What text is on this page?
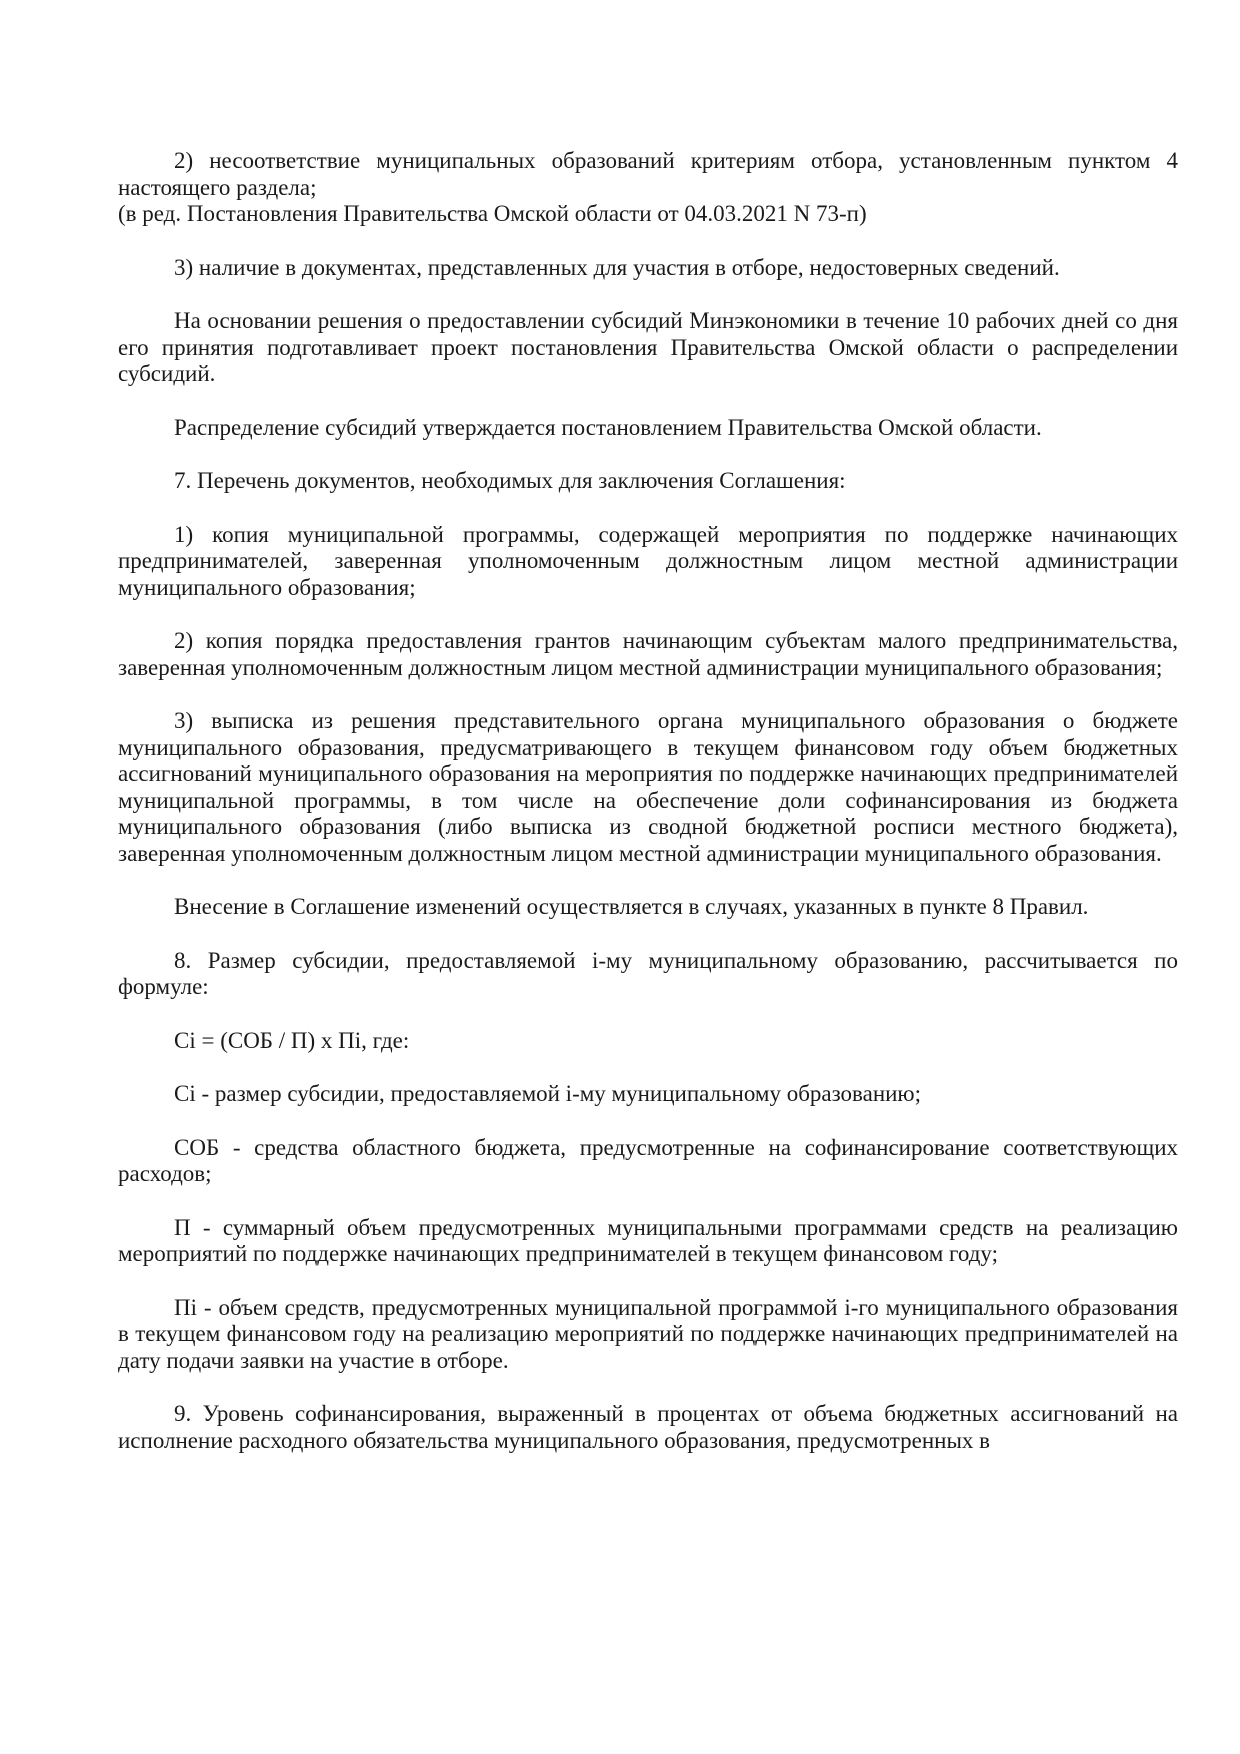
2) несоответствие муниципальных образований критериям отбора, установленным пунктом 4 настоящего раздела;

(в ред. Постановления Правительства Омской области от 04.03.2021 N 73-п)

3) наличие в документах, представленных для участия в отборе, недостоверных сведений.

На основании решения о предоставлении субсидий Минэкономики в течение 10 рабочих дней со дня его принятия подготавливает проект постановления Правительства Омской области о распределении субсидий.

Распределение субсидий утверждается постановлением Правительства Омской области.

7. Перечень документов, необходимых для заключения Соглашения:

1) копия муниципальной программы, содержащей мероприятия по поддержке начинающих предпринимателей, заверенная уполномоченным должностным лицом местной администрации муниципального образования;

2) копия порядка предоставления грантов начинающим субъектам малого предпринимательства, заверенная уполномоченным должностным лицом местной администрации муниципального образования;

3) выписка из решения представительного органа муниципального образования о бюджете муниципального образования, предусматривающего в текущем финансовом году объем бюджетных ассигнований муниципального образования на мероприятия по поддержке начинающих предпринимателей муниципальной программы, в том числе на обеспечение доли софинансирования из бюджета муниципального образования (либо выписка из сводной бюджетной росписи местного бюджета), заверенная уполномоченным должностным лицом местной администрации муниципального образования.

Внесение в Соглашение изменений осуществляется в случаях, указанных в пункте 8 Правил.

8. Размер субсидии, предоставляемой i-му муниципальному образованию, рассчитывается по формуле:

Ci = (СОБ / П) x Пi, где:

Ci - размер субсидии, предоставляемой i-му муниципальному образованию;

СОБ - средства областного бюджета, предусмотренные на софинансирование соответствующих расходов;

П - суммарный объем предусмотренных муниципальными программами средств на реализацию мероприятий по поддержке начинающих предпринимателей в текущем финансовом году;

Пi - объем средств, предусмотренных муниципальной программой i-го муниципального образования в текущем финансовом году на реализацию мероприятий по поддержке начинающих предпринимателей на дату подачи заявки на участие в отборе.

9. Уровень софинансирования, выраженный в процентах от объема бюджетных ассигнований на исполнение расходного обязательства муниципального образования, предусмотренных в
